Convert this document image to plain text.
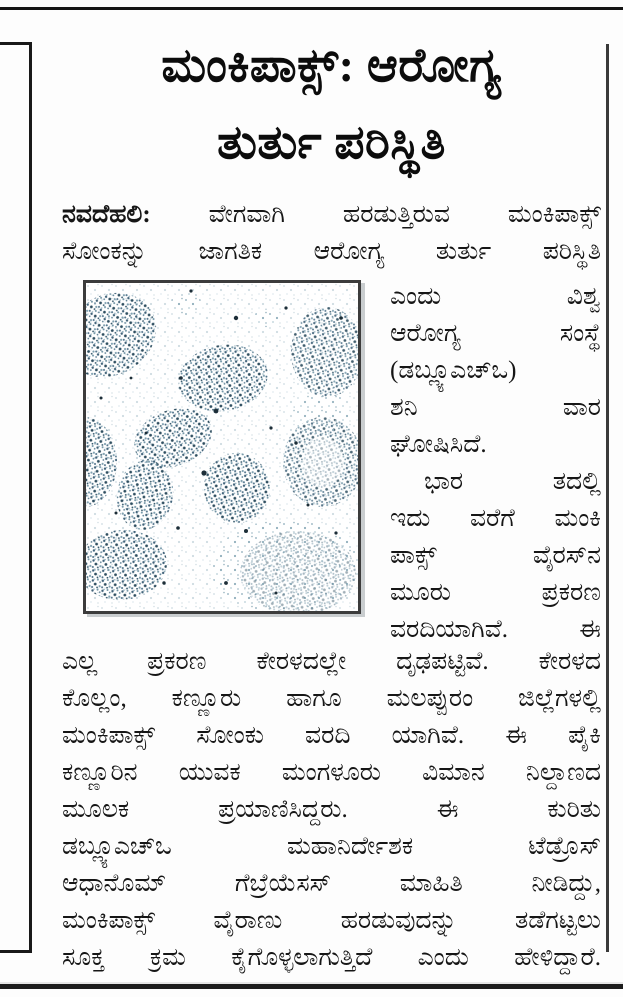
ಮಂಕಿಪಾಕ್ಸ್: ಆರೋಗ್ಯ
ತುರ್ತು ಪರಿಸ್ಥಿತಿ
ನವದೆಹಲಿ: ವೇಗವಾಗಿ ಹರಡುತ್ತಿರುವ ಮಂಕಿಪಾಕ್ಸ್
ಸೋಂಕನ್ನು ಜಾಗತಿಕ ಆರೋಗ್ಯ ತುರ್ತು ಪರಿಸ್ಥಿತಿ
ಎಂದು ವಿಶ್ವ
ಆರೋಗ್ಯ ಸಂಸ್ಥೆ
(ಡಬ್ಲ್ಯೂಎಚ್‌ಒ)
ಶನಿ ವಾರ
ಘೋಷಿಸಿದೆ.
ಭಾರ ತದಲ್ಲಿ
ಇದು ವರೆಗೆ ಮಂಕಿ
ಪಾಕ್ಸ್ ವೈರಸ್‌ನ
ಮೂರು ಪ್ರಕರಣ
ವರದಿಯಾಗಿವೆ. ಈ
ಎಲ್ಲ ಪ್ರಕರಣ ಕೇರಳದಲ್ಲೇ ದೃಢಪಟ್ಟಿವೆ. ಕೇರಳದ
ಕೊಲ್ಲಂ, ಕಣ್ಣೂರು ಹಾಗೂ ಮಲಪ್ಪುರಂ ಜಿಲ್ಲೆಗಳಲ್ಲಿ
ಮಂಕಿಪಾಕ್ಸ್ ಸೋಂಕು ವರದಿ ಯಾಗಿವೆ. ಈ ಪೈಕಿ
ಕಣ್ಣೂರಿನ ಯುವಕ ಮಂಗಳೂರು ವಿಮಾನ ನಿಲ್ದಾಣದ
ಮೂಲಕ ಪ್ರಯಾಣಿಸಿದ್ದರು. ಈ ಕುರಿತು
ಡಬ್ಲ್ಯೂಎಚ್‌ಒ ಮಹಾನಿರ್ದೇಶಕ ಟೆಡ್ರೊಸ್
ಆಧಾನೊಮ್ ಗೆಬ್ರೆಯೆಸಸ್ ಮಾಹಿತಿ ನೀಡಿದ್ದು,
ಮಂಕಿಪಾಕ್ಸ್ ವೈರಾಣು ಹರಡುವುದನ್ನು ತಡೆಗಟ್ಟಲು
ಸೂಕ್ತ ಕ್ರಮ ಕೈಗೊಳ್ಳಲಾಗುತ್ತಿದೆ ಎಂದು ಹೇಳಿದ್ದಾರೆ.
